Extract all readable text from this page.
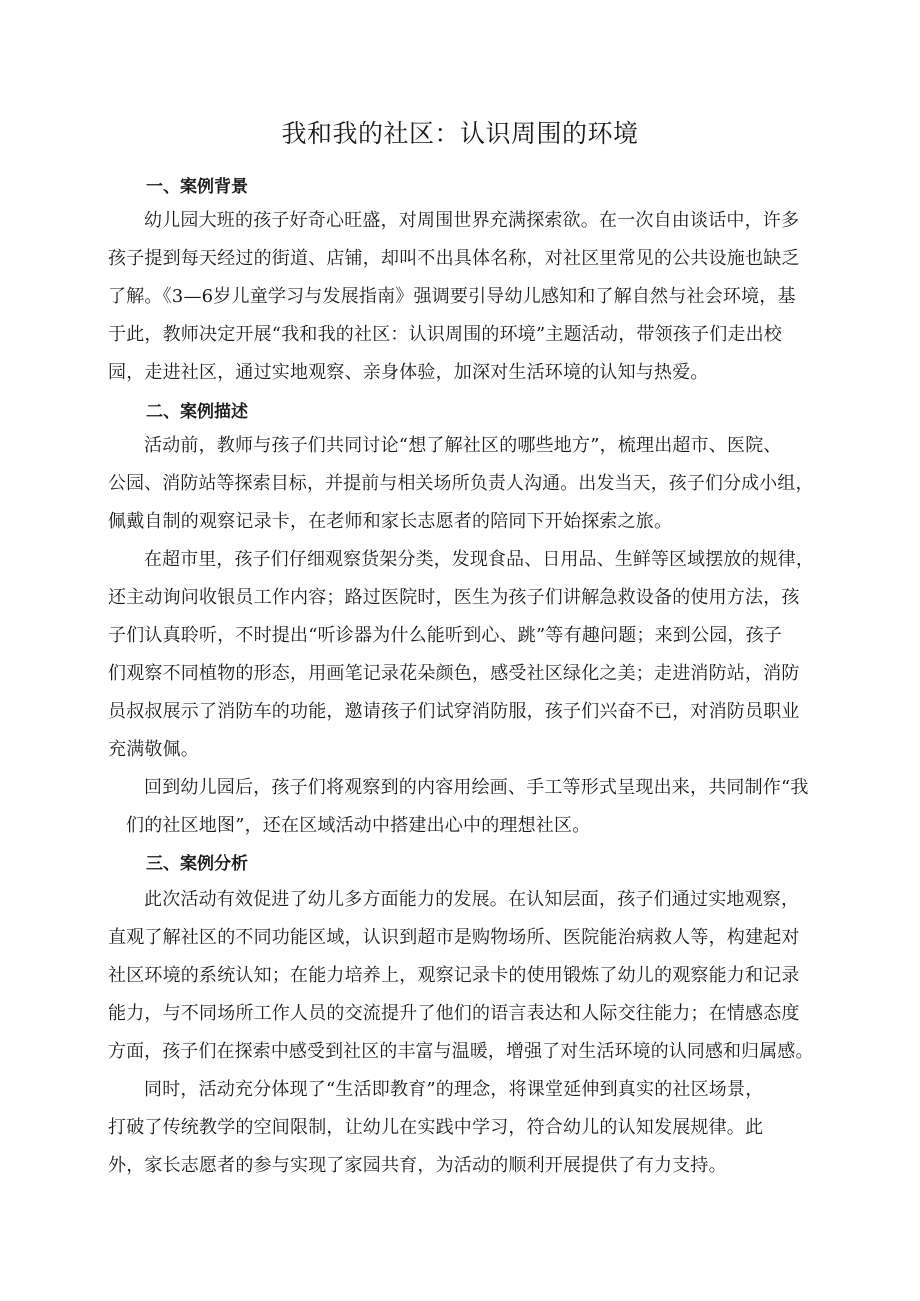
我和我的社区：认识周围的环境
一、案例背景

幼儿园大班的孩子好奇心旺盛，对周围世界充满探索欲。在一次自由谈话中，许多
孩子提到每天经过的街道、店铺，却叫不出具体名称，对社区里常见的公共设施也缺乏
了解。《3—6岁儿童学习与发展指南》强调要引导幼儿感知和了解自然与社会环境，基
于此，教师决定开展“我和我的社区：认识周围的环境”主题活动，带领孩子们走出校
园，走进社区，通过实地观察、亲身体验，加深对生活环境的认知与热爱。

二、案例描述

活动前，教师与孩子们共同讨论“想了解社区的哪些地方”，梳理出超市、医院、
公园、消防站等探索目标，并提前与相关场所负责人沟通。出发当天，孩子们分成小组，
佩戴自制的观察记录卡，在老师和家长志愿者的陪同下开始探索之旅。

在超市里，孩子们仔细观察货架分类，发现食品、日用品、生鲜等区域摆放的规律，
还主动询问收银员工作内容；路过医院时，医生为孩子们讲解急救设备的使用方法，孩
子们认真聆听，不时提出“听诊器为什么能听到心、跳”等有趣问题；来到公园，孩子
们观察不同植物的形态，用画笔记录花朵颜色，感受社区绿化之美；走进消防站，消防
员叔叔展示了消防车的功能，邀请孩子们试穿消防服，孩子们兴奋不已，对消防员职业
充满敬佩。

回到幼儿园后，孩子们将观察到的内容用绘画、手工等形式呈现出来，共同制作“我
们的社区地图”，还在区域活动中搭建出心中的理想社区。

三、案例分析

此次活动有效促进了幼儿多方面能力的发展。在认知层面，孩子们通过实地观察，
直观了解社区的不同功能区域，认识到超市是购物场所、医院能治病救人等，构建起对
社区环境的系统认知；在能力培养上，观察记录卡的使用锻炼了幼儿的观察能力和记录
能力，与不同场所工作人员的交流提升了他们的语言表达和人际交往能力；在情感态度
方面，孩子们在探索中感受到社区的丰富与温暖，增强了对生活环境的认同感和归属感。

同时，活动充分体现了“生活即教育”的理念，将课堂延伸到真实的社区场景，
打破了传统教学的空间限制，让幼儿在实践中学习，符合幼儿的认知发展规律。此
外，家长志愿者的参与实现了家园共育，为活动的顺利开展提供了有力支持。
